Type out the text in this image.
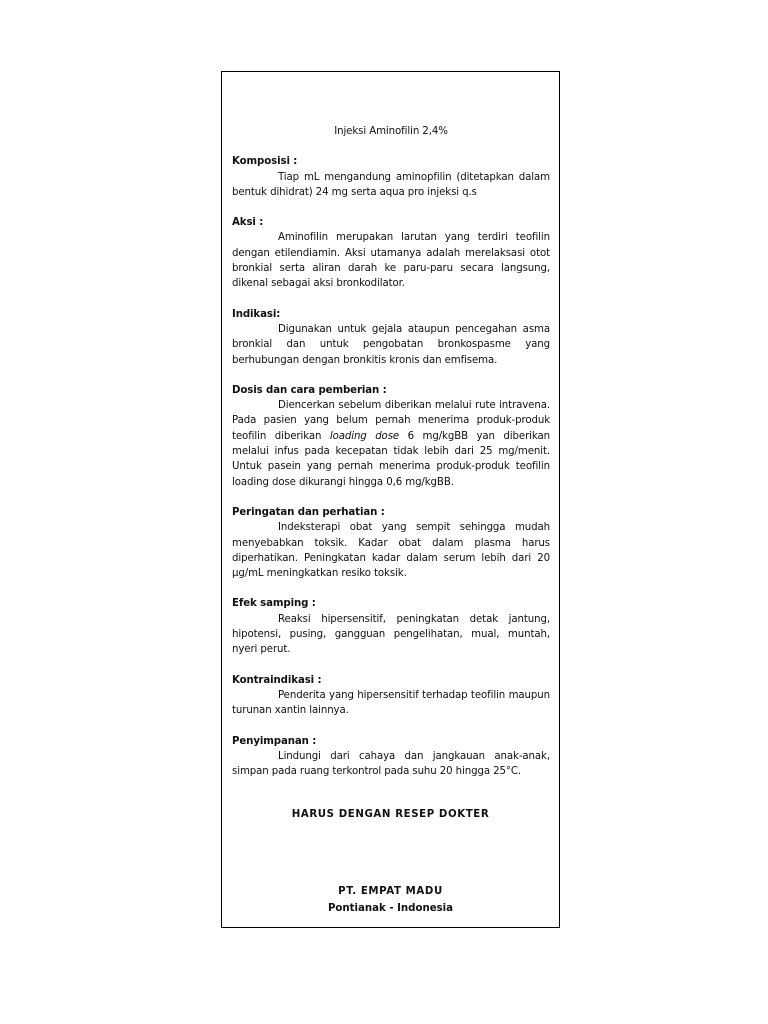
Injeksi Aminofilin 2,4%

Komposisi :

Tiap mL mengandung aminopfilin (ditetapkan dalam bentuk dihidrat) 24 mg serta aqua pro injeksi q.s

Aksi :

Aminofilin merupakan larutan yang terdiri teofilin dengan etilendiamin. Aksi utamanya adalah merelaksasi otot bronkial serta aliran darah ke paru-paru secara langsung, dikenal sebagai aksi bronkodilator.

Indikasi:

Digunakan untuk gejala ataupun pencegahan asma bronkial dan untuk pengobatan bronkospasme yang berhubungan dengan bronkitis kronis dan emfisema.

Dosis dan cara pemberian :

Diencerkan sebelum diberikan melalui rute intravena. Pada pasien yang belum pernah menerima produk-produk teofilin diberikan loading dose 6 mg/kgBB yan diberikan melalui infus pada kecepatan tidak lebih dari 25 mg/menit. Untuk pasein yang pernah menerima produk-produk teofilin loading dose dikurangi hingga 0,6 mg/kgBB.

Peringatan dan perhatian :

Indeksterapi obat yang sempit sehingga mudah menyebabkan toksik. Kadar obat dalam plasma harus diperhatikan. Peningkatan kadar dalam serum lebih dari 20 µg/mL meningkatkan resiko toksik.

Efek samping :

Reaksi hipersensitif, peningkatan detak jantung, hipotensi, pusing, gangguan pengelihatan, mual, muntah, nyeri perut.

Kontraindikasi :

Penderita yang hipersensitif terhadap teofilin maupun turunan xantin lainnya.

Penyimpanan :

Lindungi dari cahaya dan jangkauan anak-anak, simpan pada ruang terkontrol pada suhu 20 hingga 25°C.

HARUS DENGAN RESEP DOKTER
PT. EMPAT MADU
Pontianak - Indonesia
